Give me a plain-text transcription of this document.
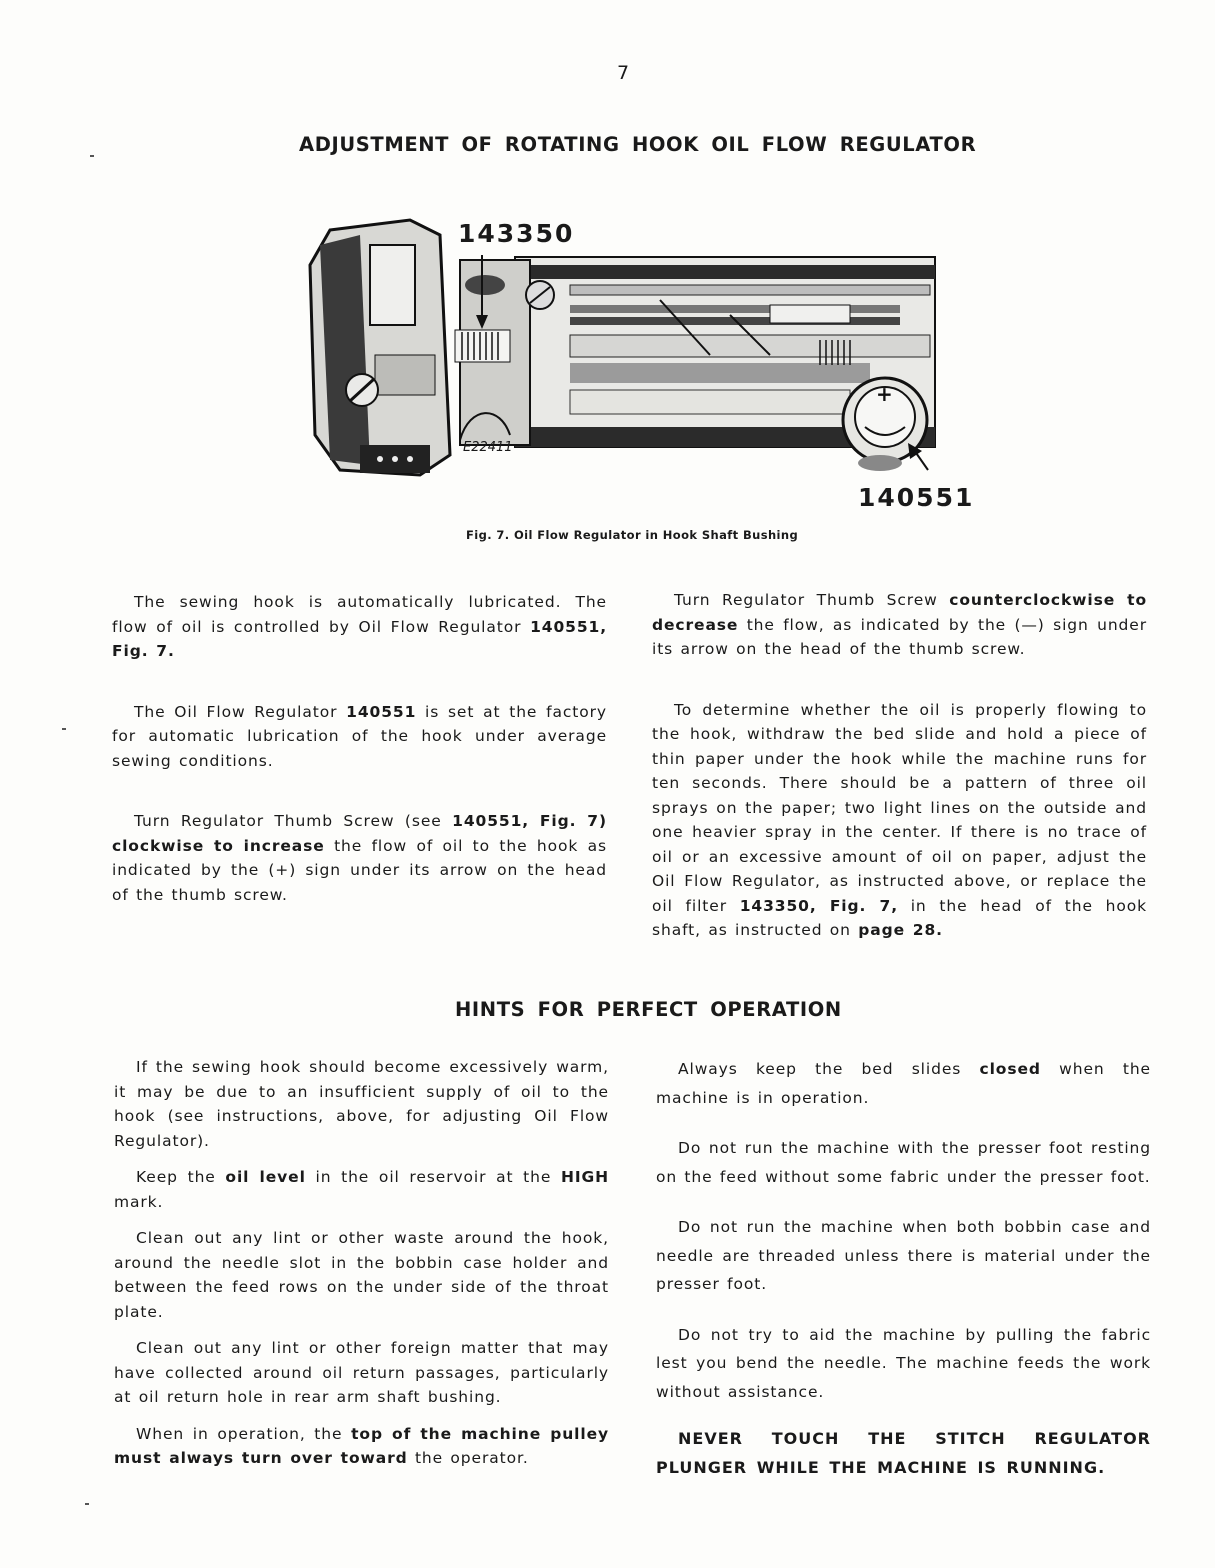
7
ADJUSTMENT OF ROTATING HOOK OIL FLOW REGULATOR
+
143350
140551
E22411
Fig. 7. Oil Flow Regulator in Hook Shaft Bushing

The sewing hook is automatically lubricated. The flow of oil is controlled by Oil Flow Regulator 140551, Fig. 7.

The Oil Flow Regulator 140551 is set at the factory for automatic lubrication of the hook under average sewing conditions.

Turn Regulator Thumb Screw (see 140551, Fig. 7) clockwise to increase the flow of oil to the hook as indicated by the (+) sign under its arrow on the head of the thumb screw.

Turn Regulator Thumb Screw counterclockwise to decrease the flow, as indicated by the (—) sign under its arrow on the head of the thumb screw.

To determine whether the oil is properly flowing to the hook, withdraw the bed slide and hold a piece of thin paper under the hook while the machine runs for ten seconds. There should be a pattern of three oil sprays on the paper; two light lines on the outside and one heavier spray in the center. If there is no trace of oil or an excessive amount of oil on paper, adjust the Oil Flow Regulator, as instructed above, or replace the oil filter 143350, Fig. 7, in the head of the hook shaft, as instructed on page 28.

HINTS FOR PERFECT OPERATION

If the sewing hook should become excessively warm, it may be due to an insufficient supply of oil to the hook (see instructions, above, for adjusting Oil Flow Regulator).

Keep the oil level in the oil reservoir at the HIGH mark.

Clean out any lint or other waste around the hook, around the needle slot in the bobbin case holder and between the feed rows on the under side of the throat plate.

Clean out any lint or other foreign matter that may have collected around oil return passages, particularly at oil return hole in rear arm shaft bushing.

When in operation, the top of the machine pulley must always turn over toward the operator.

Always keep the bed slides closed when the machine is in operation.

Do not run the machine with the presser foot resting on the feed without some fabric under the presser foot.

Do not run the machine when both bobbin case and needle are threaded unless there is material under the presser foot.

Do not try to aid the machine by pulling the fabric lest you bend the needle. The machine feeds the work without assistance.

NEVER TOUCH THE STITCH REGULATOR PLUNGER WHILE THE MACHINE IS RUNNING.
